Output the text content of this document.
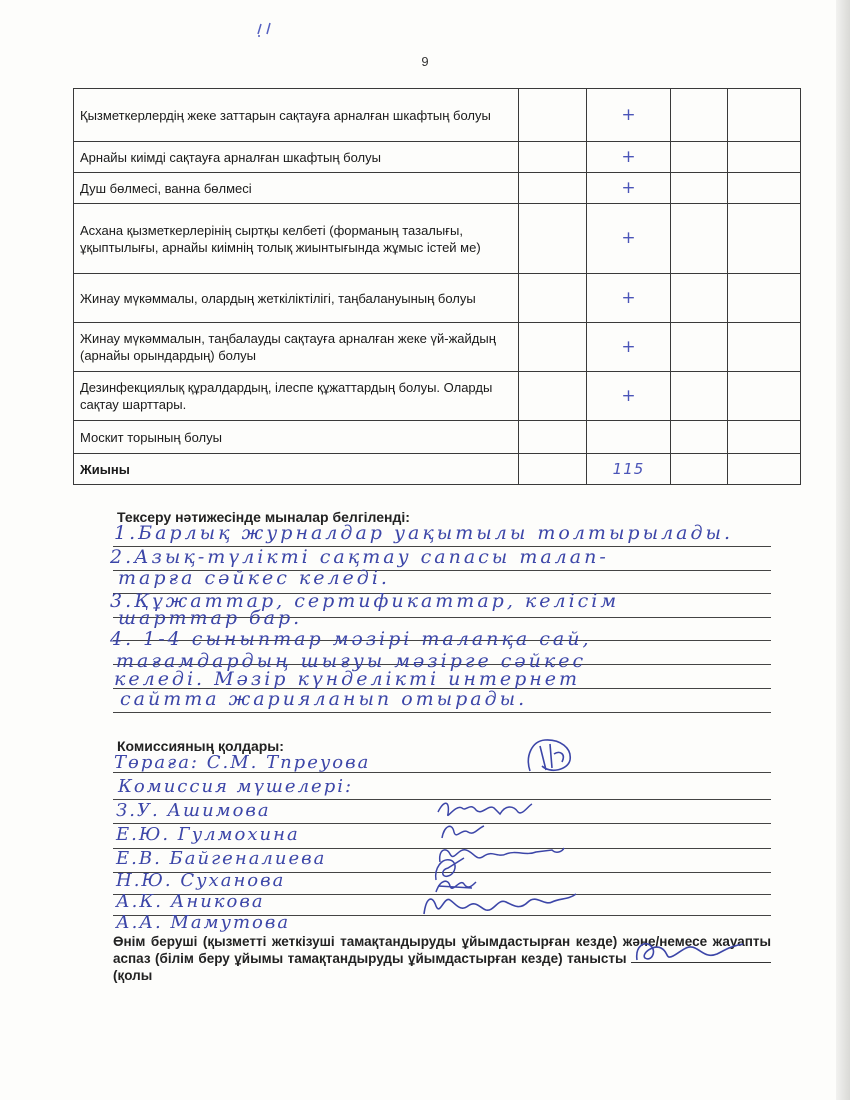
9
Қызметкерлердің жеке заттарын сақтауға арналған шкафтың болуы		+		
Арнайы киімді сақтауға арналған шкафтың болуы		+		
Душ бөлмесі, ванна бөлмесі		+		
Асхана қызметкерлерінің сыртқы келбеті (форманың тазалығы, ұқыптылығы, арнайы киімнің толық жиынтығында жұмыс істей ме)		+		
Жинау мүкәммалы, олардың жеткіліктілігі, таңбалануының болуы		+		
Жинау мүкәммалын, таңбалауды сақтауға арналған жеке үй-жайдың (арнайы орындардың) болуы		+		
Дезинфекциялық құралдардың, ілеспе құжаттардың болуы. Оларды сақтау шарттары.		+		
Москит торының болуы				
Жиыны		115		
Тексеру нәтижесінде мыналар белгіленді:
1.Барлық журналдар уақытылы толтырылады.
2.Азық-түлікті сақтау сапасы талап-
тарға сәйкес келеді.
3.Құжаттар, сертификаттар, келісім
шарттар бар.
4. 1-4 сыныптар мәзірі талапқа сай,
тағамдардың шығуы мәзірге сәйкес
келеді. Мәзір күнделікті интернет
сайтта жарияланып отырады.
Комиссияның қолдары:
Төраға: С.М. Тпреуова
Комиссия мүшелері:
З.У. Ашимова
Е.Ю. Гулмохина
Е.В. Байгеналиева
Н.Ю. Суханова
А.К. Аникова
А.А. Мамутова
Өнім беруші (қызметті жеткізуші тамақтандыруды ұйымдастырған кезде) және/немесе жауапты аспаз (білім беру ұйымы тамақтандыруды ұйымдастырған кезде) танысты
(қолы
